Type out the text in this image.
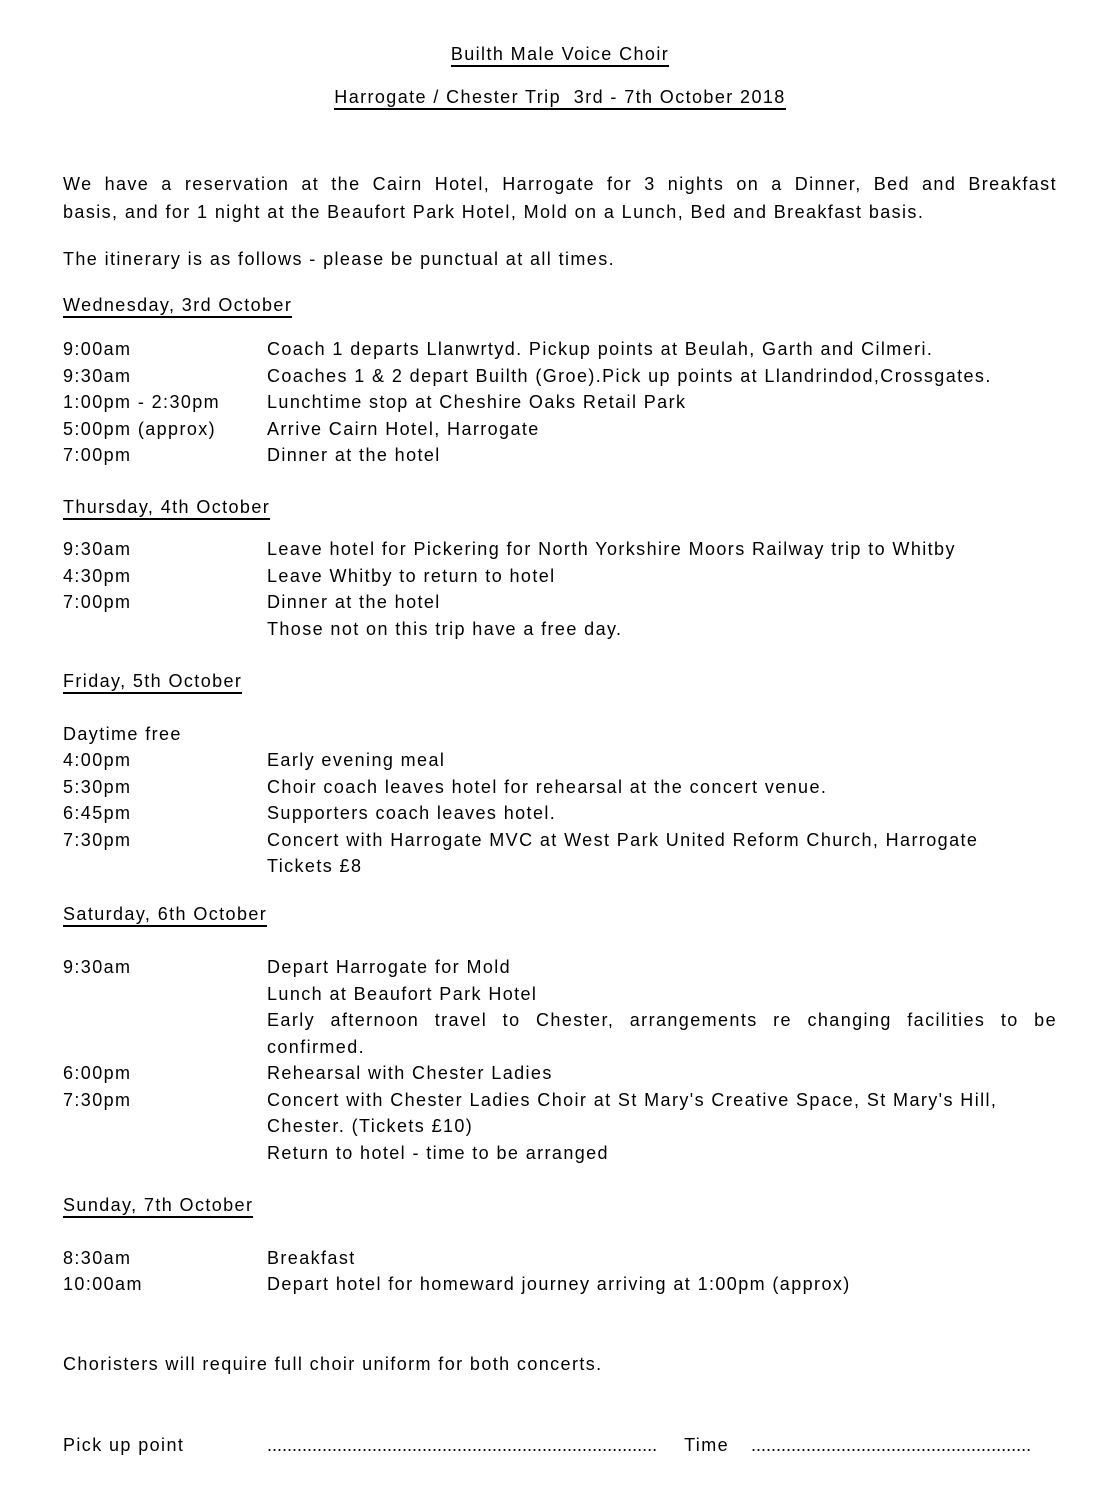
Builth Male Voice Choir
Harrogate / Chester Trip  3rd - 7th October 2018
We have a reservation at the Cairn Hotel, Harrogate for 3 nights on a Dinner, Bed and Breakfast
basis, and for 1 night at the Beaufort Park Hotel, Mold on a Lunch, Bed and Breakfast basis.
The itinerary is as follows - please be punctual at all times.
Wednesday, 3rd October
9:00am	Coach 1 departs Llanwrtyd. Pickup points at Beulah, Garth and Cilmeri.
9:30am	Coaches 1 & 2 depart Builth (Groe).Pick up points at Llandrindod,Crossgates.
1:00pm - 2:30pm	Lunchtime stop at Cheshire Oaks Retail Park
5:00pm (approx)	Arrive Cairn Hotel, Harrogate
7:00pm	Dinner at the hotel
Thursday, 4th October
9:30am	Leave hotel for Pickering for North Yorkshire Moors Railway trip to Whitby
4:30pm	Leave Whitby to return to hotel
7:00pm	Dinner at the hotel
Those not on this trip have a free day.
Friday, 5th October
Daytime free
4:00pm	Early evening meal
5:30pm	Choir coach leaves hotel for rehearsal at the concert venue.
6:45pm	Supporters coach leaves hotel.
7:30pm	Concert with Harrogate MVC at West Park United Reform Church, Harrogate
Tickets £8
Saturday, 6th October
9:30am	Depart Harrogate for Mold
Lunch at Beaufort Park Hotel
Early afternoon travel to Chester, arrangements re changing facilities to be
confirmed.
6:00pm	Rehearsal with Chester Ladies
7:30pm	Concert with Chester Ladies Choir at St Mary's Creative Space, St Mary's Hill,
Chester. (Tickets £10)
Return to hotel - time to be arranged
Sunday, 7th October
8:30am	Breakfast
10:00am	Depart hotel for homeward journey arriving at 1:00pm (approx)
Choristers will require full choir uniform for both concerts.
Pick up point	.............................................................................. Time ........................................................
